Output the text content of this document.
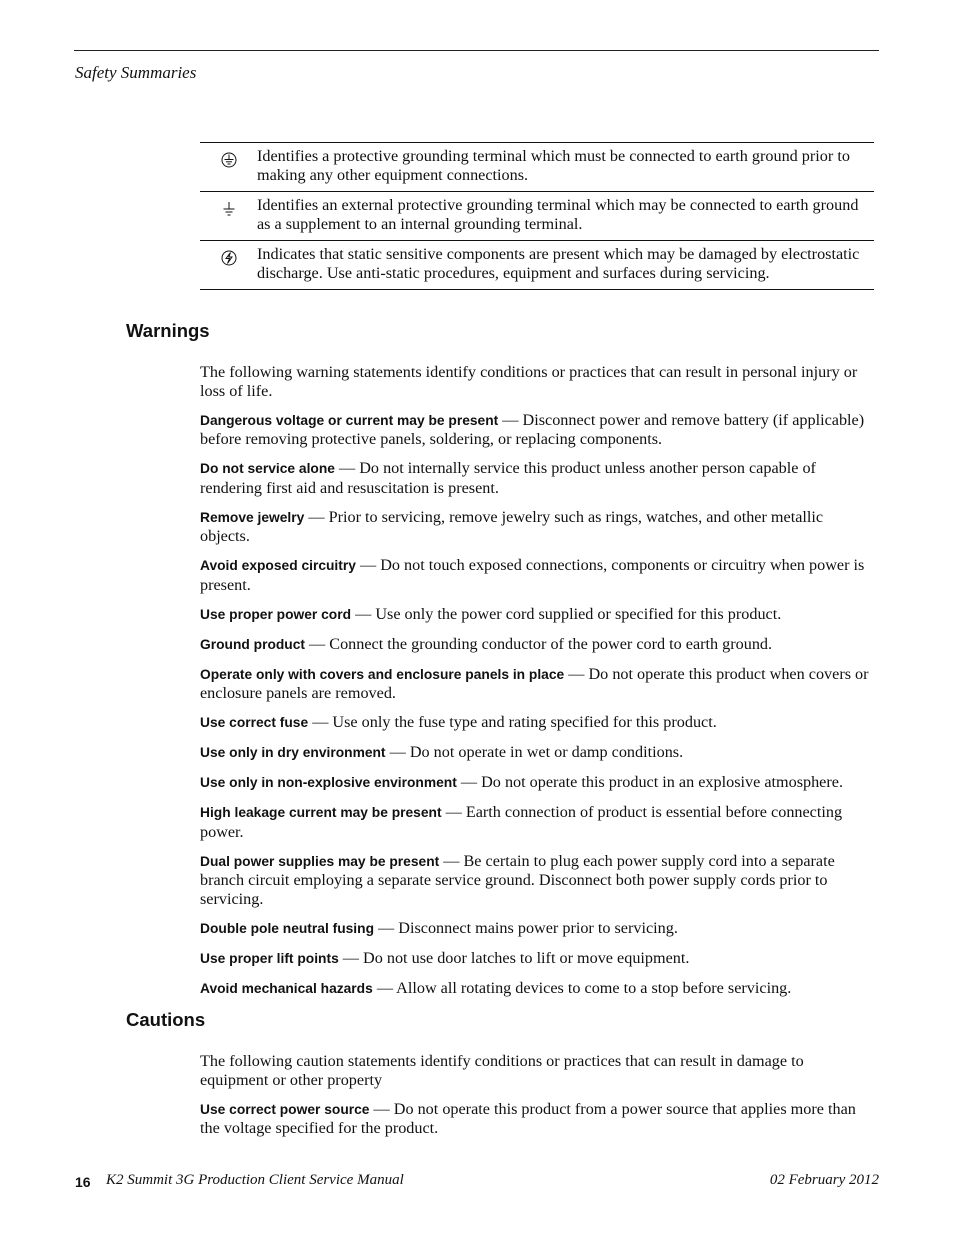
Safety Summaries
Identifies a protective grounding terminal which must be connected to earth ground prior to making any other equipment connections.
Identifies an external protective grounding terminal which may be connected to earth ground as a supplement to an internal grounding terminal.
Indicates that static sensitive components are present which may be damaged by electrostatic discharge. Use anti-static procedures, equipment and surfaces during servicing.
Warnings

The following warning statements identify conditions or practices that can result in personal injury or loss of life.

Dangerous voltage or current may be present — Disconnect power and remove battery (if applicable) before removing protective panels, soldering, or replacing components.

Do not service alone — Do not internally service this product unless another person capable of rendering first aid and resuscitation is present.

Remove jewelry — Prior to servicing, remove jewelry such as rings, watches, and other metallic objects.

Avoid exposed circuitry — Do not touch exposed connections, components or circuitry when power is present.

Use proper power cord — Use only the power cord supplied or specified for this product.

Ground product — Connect the grounding conductor of the power cord to earth ground.

Operate only with covers and enclosure panels in place — Do not operate this product when covers or enclosure panels are removed.

Use correct fuse — Use only the fuse type and rating specified for this product.

Use only in dry environment — Do not operate in wet or damp conditions.

Use only in non-explosive environment — Do not operate this product in an explosive atmosphere.

High leakage current may be present — Earth connection of product is essential before connecting power.

Dual power supplies may be present — Be certain to plug each power supply cord into a separate branch circuit employing a separate service ground. Disconnect both power supply cords prior to servicing.

Double pole neutral fusing — Disconnect mains power prior to servicing.

Use proper lift points — Do not use door latches to lift or move equipment.

Avoid mechanical hazards — Allow all rotating devices to come to a stop before servicing.

Cautions

The following caution statements identify conditions or practices that can result in damage to equipment or other property

Use correct power source — Do not operate this product from a power source that applies more than the voltage specified for the product.

16 K2 Summit 3G Production Client Service Manual	02 February 2012
